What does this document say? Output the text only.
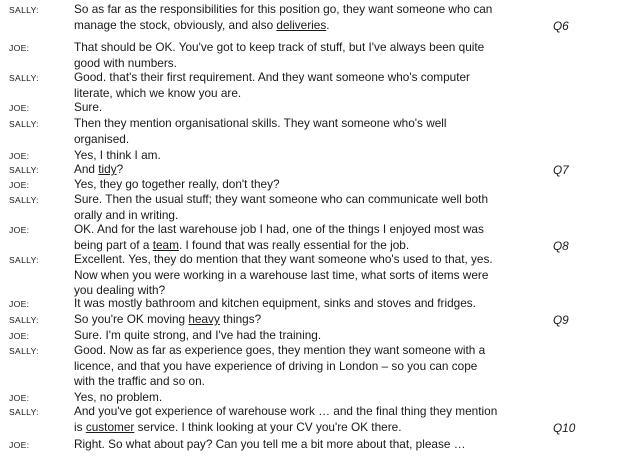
SALLY:	So as far as the responsibilities for this position go, they want someone who can
manage the stock, obviously, and also deliveries.	Q6
JOE:	That should be OK. You've got to keep track of stuff, but I've always been quite
good with numbers.
SALLY:	Good. that's their first requirement. And they want someone who's computer
literate, which we know you are.
JOE:	Sure.
SALLY:	Then they mention organisational skills. They want someone who's well
organised.
JOE:	Yes, I think I am.
SALLY:	And tidy?	Q7
JOE:	Yes, they go together really, don't they?
SALLY:	Sure. Then the usual stuff; they want someone who can communicate well both
orally and in writing.
JOE:	OK. And for the last warehouse job I had, one of the things I enjoyed most was
being part of a team. I found that was really essential for the job.	Q8
SALLY:	Excellent. Yes, they do mention that they want someone who's used to that, yes.
Now when you were working in a warehouse last time, what sorts of items were
you dealing with?
JOE:	It was mostly bathroom and kitchen equipment, sinks and stoves and fridges.
SALLY:	So you're OK moving heavy things?	Q9
JOE:	Sure. I'm quite strong, and I've had the training.
SALLY:	Good. Now as far as experience goes, they mention they want someone with a
licence, and that you have experience of driving in London – so you can cope
with the traffic and so on.
JOE:	Yes, no problem.
SALLY:	And you've got experience of warehouse work … and the final thing they mention
is customer service. I think looking at your CV you're OK there.	Q10
JOE:	Right. So what about pay? Can you tell me a bit more about that, please …
